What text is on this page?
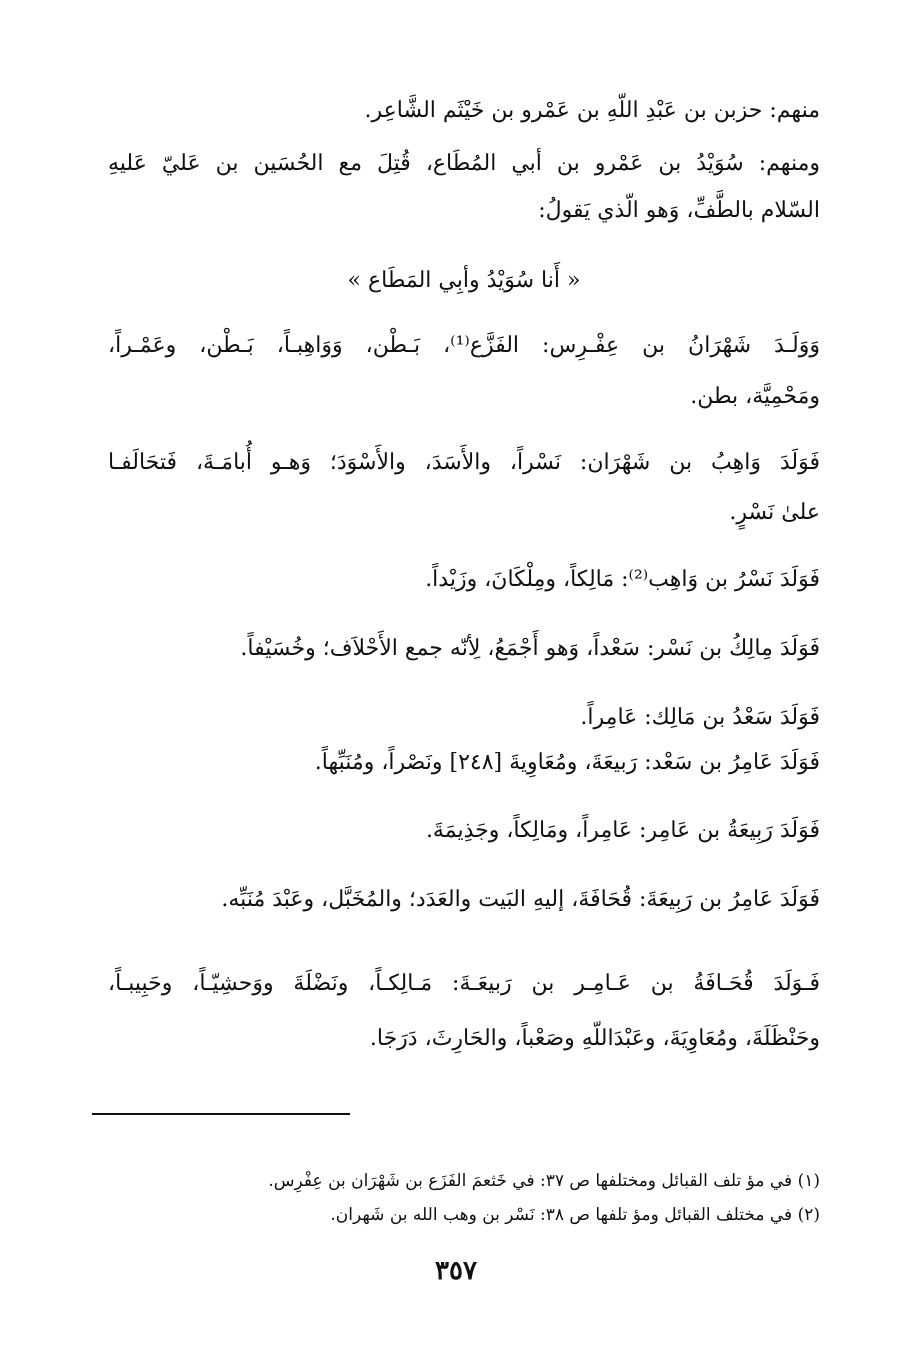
منهم: حزبن بن عَبْدِ اللّهِ بن عَمْرو بن خَيْثَم الشَّاعِر.
ومنهم: سُوَيْدُ بن عَمْرو بن أبي المُطَاع، قُتِلَ مع الحُسَين بن عَليّ عَليهِ
السّلام بالطَّفِّ، وَهو الّذي يَقولُ:
« أَنا سُوَيْدُ وأبِي المَطَاع »
وَوَلَـدَ شَهْرَانُ بن عِفْـرِس: الفَزَّع⁽¹⁾، بَـطْن، وَوَاهِبـاً، بَـطْن، وعَمْـراً،
ومَحْمِيَّة، بطن.
فَوَلَدَ وَاهِبُ بن شَهْرَان: نَسْراً، والأَسَدَ، والأَسْوَدَ؛ وَهـو أُبامَـةَ، فَتحَالَفـا
علىٰ نَسْرٍ.
فَوَلَدَ نَسْرُ بن وَاهِب⁽²⁾: مَالِكاً، ومِلْكَانَ، وزَيْداً.
فَوَلَدَ مِالِكُ بن نَسْر: سَعْداً، وَهو أَجْمَعُ، لِأنّه جمع الأَحْلاَف؛ وخُسَيْفاً.
فَوَلَدَ سَعْدُ بن مَالِك: عَامِراً.
فَوَلَدَ عَامِرُ بن سَعْد: رَبيعَةَ، ومُعَاوِيةَ [٢٤٨] ونَصْراً، ومُنَبِّهاً.
فَوَلَدَ رَبِيعَةُ بن عَامِر: عَامِراً، ومَالِكاً، وجَذِيمَةَ.
فَوَلَدَ عَامِرُ بن رَبِيعَةَ: قُحَافَةَ، إليهِ البَيت والعَدَد؛ والمُخَبَّل، وعَبْدَ مُنَبِّه.
فَـوَلَدَ قُحَـافَةُ بن عَـامِـر بن رَبيعَـةَ: مَـالِكـاً، ونَضْلَةَ ووَحشِيّـاً، وحَبِيبـاً،
وحَنْظَلَةَ، ومُعَاوِيَةَ، وعَبْدَاللّهِ وصَعْباً، والحَارِثَ، دَرَجَا.
(١) في مؤ تلف القبائل ومختلفها ص ٣٧: في خَثعمَ الفَزَع بن شَهْرَان بن عِفْرِس.
(٢) في مختلف القبائل ومؤ تلفها ص ٣٨: نَسْر بن وهب الله بن شَهران.
٣٥٧
